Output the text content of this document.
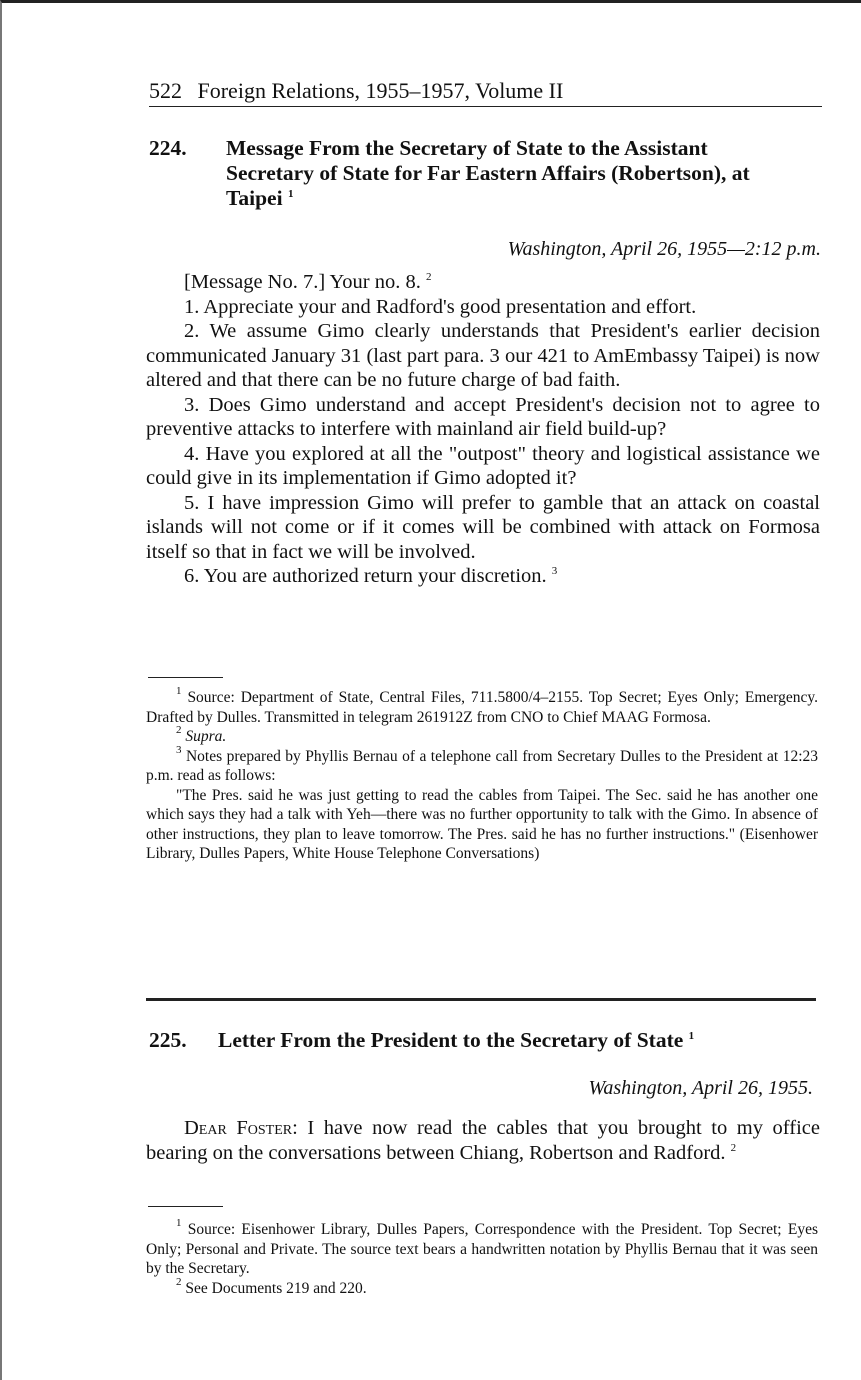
522 Foreign Relations, 1955–1957, Volume II
224. Message From the Secretary of State to the Assistant
Secretary of State for Far Eastern Affairs (Robertson), at
Taipei $^1$
Washington, April 26, 1955—2:12 p.m.

[Message No. 7.] Your no. 8. $^2$

1. Appreciate your and Radford's good presentation and effort.

2. We assume Gimo clearly understands that President's earlier decision communicated January 31 (last part para. 3 our 421 to AmEmbassy Taipei) is now altered and that there can be no future charge of bad faith.

3. Does Gimo understand and accept President's decision not to agree to preventive attacks to interfere with mainland air field build-up?

4. Have you explored at all the "outpost" theory and logistical assistance we could give in its implementation if Gimo adopted it?

5. I have impression Gimo will prefer to gamble that an attack on coastal islands will not come or if it comes will be combined with attack on Formosa itself so that in fact we will be involved.

6. You are authorized return your discretion. $^3$

$^1$ Source: Department of State, Central Files, 711.5800/4–2155. Top Secret; Eyes Only; Emergency. Drafted by Dulles. Transmitted in telegram 261912Z from CNO to Chief MAAG Formosa.

$^2$ Supra.

$^3$ Notes prepared by Phyllis Bernau of a telephone call from Secretary Dulles to the President at 12:23 p.m. read as follows:

"The Pres. said he was just getting to read the cables from Taipei. The Sec. said he has another one which says they had a talk with Yeh—there was no further opportunity to talk with the Gimo. In absence of other instructions, they plan to leave tomorrow. The Pres. said he has no further instructions." (Eisenhower Library, Dulles Papers, White House Telephone Conversations)

225. Letter From the President to the Secretary of State $^1$
Washington, April 26, 1955.

Dear Foster: I have now read the cables that you brought to my office bearing on the conversations between Chiang, Robertson and Radford. $^2$

$^1$ Source: Eisenhower Library, Dulles Papers, Correspondence with the President. Top Secret; Eyes Only; Personal and Private. The source text bears a handwritten notation by Phyllis Bernau that it was seen by the Secretary.

$^2$ See Documents 219 and 220.
